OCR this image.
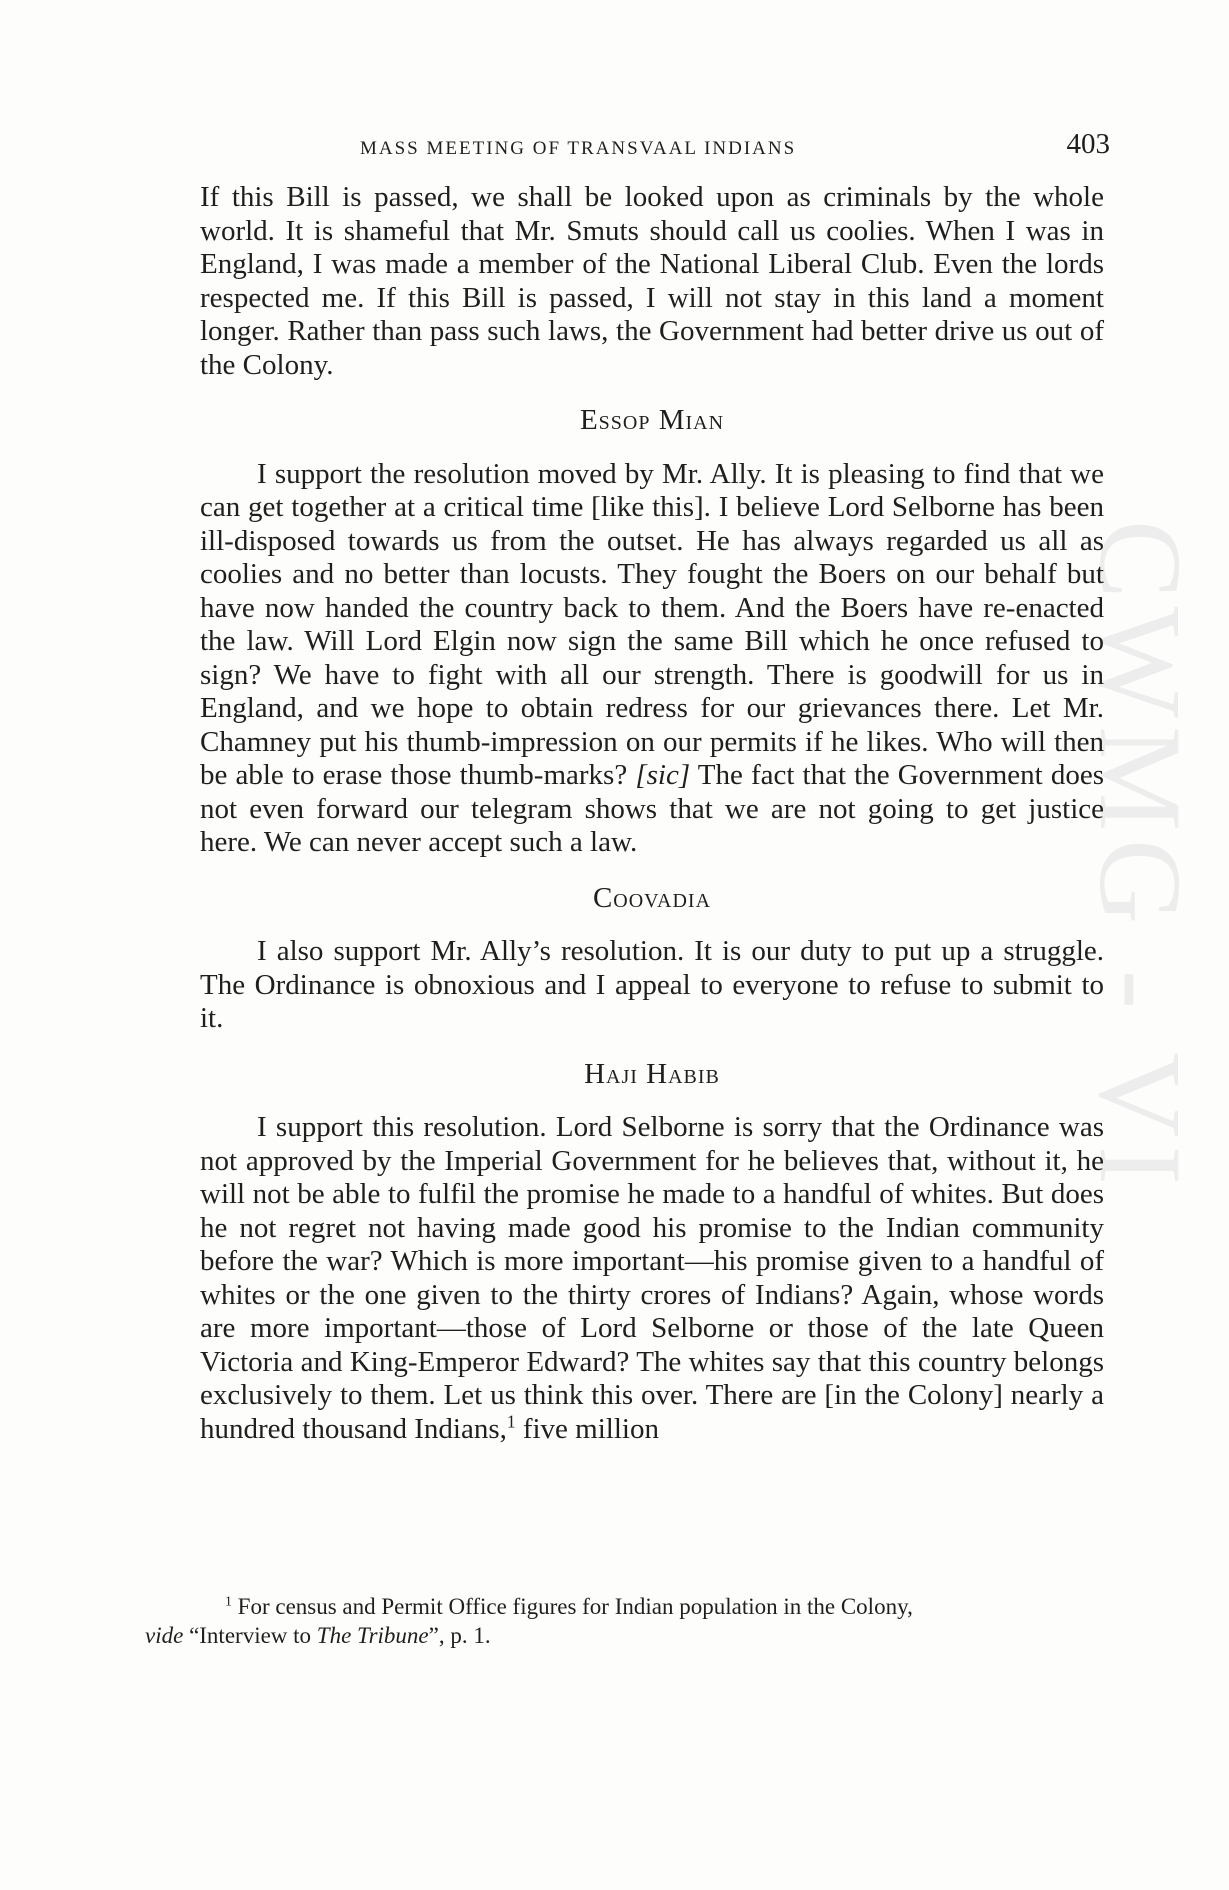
CWMG - VI
MASS MEETING OF TRANSVAAL INDIANS	403

If this Bill is passed, we shall be looked upon as criminals by the whole world. It is shameful that Mr. Smuts should call us coolies. When I was in England, I was made a member of the National Liberal Club. Even the lords respected me. If this Bill is passed, I will not stay in this land a moment longer. Rather than pass such laws, the Government had better drive us out of the Colony.

Essop Mian

I support the resolution moved by Mr. Ally. It is pleasing to find that we can get together at a critical time [like this]. I believe Lord Selborne has been ill-disposed towards us from the outset. He has always regarded us all as coolies and no better than locusts. They fought the Boers on our behalf but have now handed the country back to them. And the Boers have re-enacted the law. Will Lord Elgin now sign the same Bill which he once refused to sign? We have to fight with all our strength. There is goodwill for us in England, and we hope to obtain redress for our grievances there. Let Mr. Chamney put his thumb-impression on our permits if he likes. Who will then be able to erase those thumb-marks? [sic] The fact that the Government does not even forward our telegram shows that we are not going to get justice here. We can never accept such a law.

Coovadia

I also support Mr. Ally’s resolution. It is our duty to put up a struggle. The Ordinance is obnoxious and I appeal to everyone to refuse to submit to it.

Haji Habib

I support this resolution. Lord Selborne is sorry that the Ordinance was not approved by the Imperial Government for he believes that, without it, he will not be able to fulfil the promise he made to a handful of whites. But does he not regret not having made good his promise to the Indian community before the war? Which is more important—his promise given to a handful of whites or the one given to the thirty crores of Indians? Again, whose words are more important—those of Lord Selborne or those of the late Queen Victoria and King-Emperor Edward? The whites say that this country belongs exclusively to them. Let us think this over. There are [in the Colony] nearly a hundred thousand Indians,$^1$ five million

$^1$ For census and Permit Office figures for Indian population in the Colony,
vide “Interview to The Tribune”, p. 1.
